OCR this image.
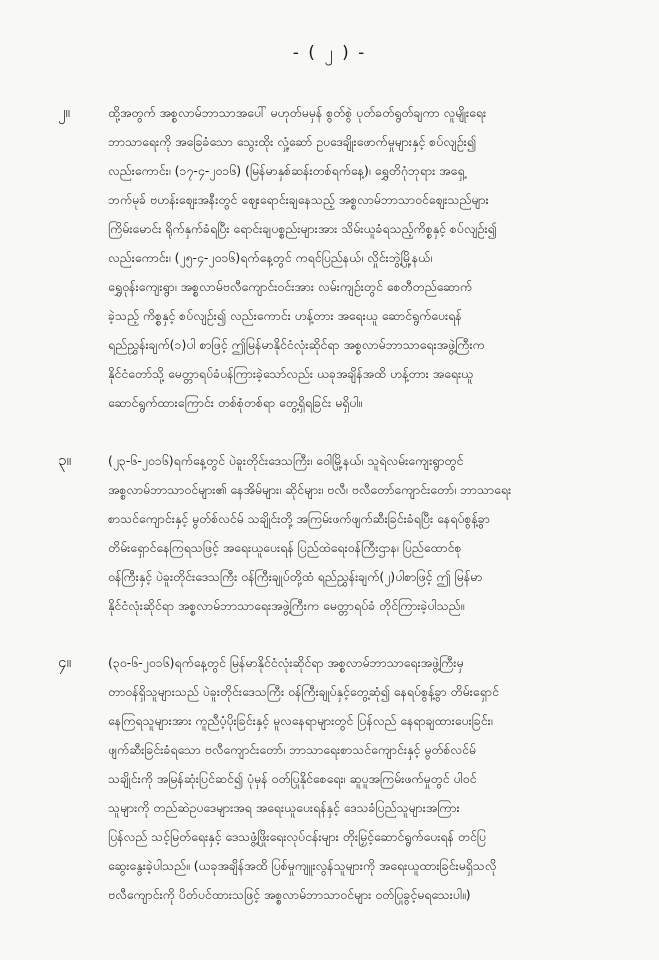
- ( ၂ ) -
၂။	ထို့အတွက် အစ္စလာမ်ဘာသာအပေါ် မဟုတ်မမှန် စွတ်စွဲ ပုတ်ခတ်ရွတ်ချကာ လူမျိုးရေး
ဘာသာရေးကို အခြေခံသော သွေးထိုး လှုံ့ဆော် ဥပဒေချိုးဖောက်မှုများနှင့် စပ်လျဉ်း၍
လည်းကောင်း၊ (၁၇-၄-၂၀၁၆) (မြန်မာနှစ်ဆန်းတစ်ရက်နေ့)၊ ရွှေတိဂုံဘုရား အရှေ့
ဘက်မုခ် ဗဟန်းဈေးအနီးတွင် ဈေးရောင်းချနေသည့် အစ္စလာမ်ဘာသာဝင်ဈေးသည်များ
ကြိမ်းမောင်း ရိုက်နှက်ခံရပြီး ရောင်းချပစ္စည်းများအား သိမ်းယူခံရသည့်ကိစ္စနှင့် စပ်လျဉ်း၍
လည်းကောင်း၊ (၂၅-၄-၂၀၁၆)ရက်နေ့တွင် ကရင်ပြည်နယ်၊ လှိုင်းဘွဲ့မြို့နယ်၊
ရွှေဝုန်းကျေးရွာ၊ အစ္စလာမ်ဗလီကျောင်းဝင်းအား လမ်းကျဉ်းတွင် စေတီတည်ဆောက်
ခဲ့သည့် ကိစ္စနှင့် စပ်လျဉ်း၍ လည်းကောင်း ဟန့်တား အရေးယူ ဆောင်ရွက်ပေးရန်
ရည်ညွှန်းချက်(၁)ပါ စာဖြင့် ဤမြန်မာနိုင်ငံလုံးဆိုင်ရာ အစ္စလာမ်ဘာသာရေးအဖွဲ့ကြီးက
နိုင်ငံတော်သို့ မေတ္တာရပ်ခံပန်ကြားခဲ့သော်လည်း ယခုအချိန်အထိ ဟန့်တား အရေးယူ
ဆောင်ရွက်ထားကြောင်း တစ်စုံတစ်ရာ တွေ့ရှိရခြင်း မရှိပါ။
၃။	(၂၃-၆-၂၀၁၆)ရက်နေ့တွင် ပဲခူးတိုင်းဒေသကြီး၊ ဝေါမြို့နယ်၊ သူရဲလမ်းကျေးရွာတွင်
အစ္စလာမ်ဘာသာဝင်များ၏ နေအိမ်များ၊ ဆိုင်များ၊ ဗလီ၊ ဗလီတော်ကျောင်းတော်၊ ဘာသာရေး
စာသင်ကျောင်းနှင့် မွတ်စ်လင်မ် သချိုင်းတို့ အကြမ်းဖက်ဖျက်ဆီးခြင်းခံရပြီး နေရပ်စွန့်ခွာ
တိမ်းရှောင်နေကြရသဖြင့် အရေးယူပေးရန် ပြည်ထဲရေးဝန်ကြီးဌာန၊ ပြည်ထောင်စု
ဝန်ကြီးနှင့် ပဲခူးတိုင်းဒေသကြီး ဝန်ကြီးချုပ်တို့ထံ ရည်ညွှန်းချက်(၂)ပါစာဖြင့် ဤ မြန်မာ
နိုင်ငံလုံးဆိုင်ရာ အစ္စလာမ်ဘာသာရေးအဖွဲ့ကြီးက မေတ္တာရပ်ခံ တိုင်ကြားခဲ့ပါသည်။
၄။	(၃၀-၆-၂၀၁၆)ရက်နေ့တွင် မြန်မာနိုင်ငံလုံးဆိုင်ရာ အစ္စလာမ်ဘာသာရေးအဖွဲ့ကြီးမှ
တာဝန်ရှိသူများသည် ပဲခူးတိုင်းဒေသကြီး ဝန်ကြီးချုပ်နှင့်တွေ့ဆုံ၍ နေရပ်စွန့်ခွာ တိမ်းရှောင်
နေကြရသူများအား ကူညီပံ့ပိုးခြင်းနှင့် မူလနေရာများတွင် ပြန်လည် နေရာချထားပေးခြင်း၊
ဖျက်ဆီးခြင်းခံရသော ဗလီကျောင်းတော်၊ ဘာသာရေးစာသင်ကျောင်းနှင့် မွတ်စ်လင်မ်
သချိုင်းကို အမြန်ဆုံးပြင်ဆင်၍ ပုံမှန် ဝတ်ပြုနိုင်စေရေး၊ ဆူပူအကြမ်းဖက်မှုတွင် ပါဝင်
သူများကို တည်ဆဲဥပဒေများအရ အရေးယူပေးရန်နှင့် ဒေသခံပြည်သူများအကြား
ပြန်လည် သင့်မြတ်ရေးနှင့် ဒေသဖွံ့ဖြိုးရေးလုပ်ငန်းများ တိုးမြှင့်ဆောင်ရွက်ပေးရန် တင်ပြ
ဆွေးနွေးခဲ့ပါသည်။ (ယခုအချိန်အထိ ပြစ်မှုကျူးလွန်သူများကို အရေးယူထားခြင်းမရှိသလို
ဗလီကျောင်းကို ပိတ်ပင်ထားသဖြင့် အစ္စလာမ်ဘာသာဝင်များ ဝတ်ပြုခွင့်မရသေးပါ။)
